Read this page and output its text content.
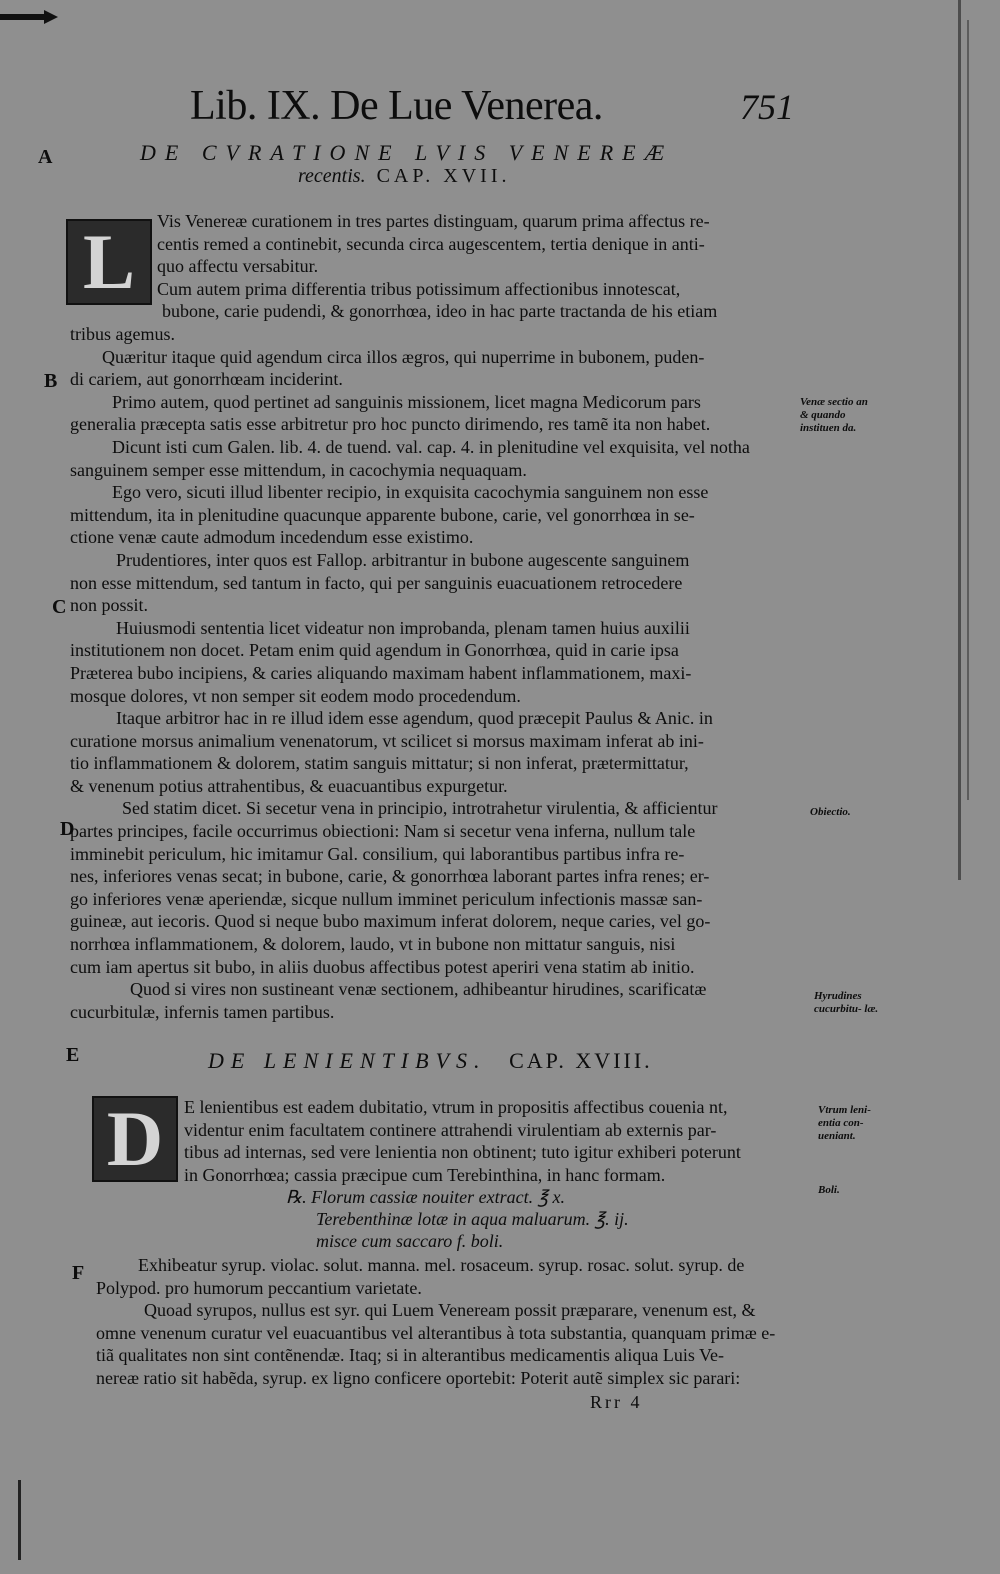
Lib. IX. De Lue Venerea.	751
A
B
C
D
E
F
DE CVRATIONE LVIS VENEREÆ
recentis. CAP. XVII.
L	Vis Venereæ curationem in tres partes distinguam, quarum prima affectus re-
centis remed a continebit, secunda circa augescentem, tertia denique in anti-
quo affectu versabitur.
Cum autem prima differentia tribus potissimum affectionibus innotescat,
bubone, carie pudendi, & gonorrhœa, ideo in hac parte tractanda de his etiam
tribus agemus.
Quæritur itaque quid agendum circa illos ægros, qui nuperrime in bubonem, puden-
di cariem, aut gonorrhœam inciderint.
Primo autem, quod pertinet ad sanguinis missionem, licet magna Medicorum pars
generalia præcepta satis esse arbitretur pro hoc puncto dirimendo, res tamẽ ita non habet.
Dicunt isti cum Galen. lib. 4. de tuend. val. cap. 4. in plenitudine vel exquisita, vel notha
sanguinem semper esse mittendum, in cacochymia nequaquam.
Ego vero, sicuti illud libenter recipio, in exquisita cacochymia sanguinem non esse
mittendum, ita in plenitudine quacunque apparente bubone, carie, vel gonorrhœa in se-
ctione venæ caute admodum incedendum esse existimo.
Prudentiores, inter quos est Fallop. arbitrantur in bubone augescente sanguinem
non esse mittendum, sed tantum in facto, qui per sanguinis euacuationem retrocedere
non possit.
Huiusmodi sententia licet videatur non improbanda, plenam tamen huius auxilii
institutionem non docet. Petam enim quid agendum in Gonorrhœa, quid in carie ipsa
Præterea bubo incipiens, & caries aliquando maximam habent inflammationem, maxi-
mosque dolores, vt non semper sit eodem modo procedendum.
Itaque arbitror hac in re illud idem esse agendum, quod præcepit Paulus & Anic. in
curatione morsus animalium venenatorum, vt scilicet si morsus maximam inferat ab ini-
tio inflammationem & dolorem, statim sanguis mittatur; si non inferat, prætermittatur,
& venenum potius attrahentibus, & euacuantibus expurgetur.
Sed statim dicet. Si secetur vena in principio, introtrahetur virulentia, & afficientur
partes principes, facile occurrimus obiectioni: Nam si secetur vena inferna, nullum tale
imminebit periculum, hic imitamur Gal. consilium, qui laborantibus partibus infra re-
nes, inferiores venas secat; in bubone, carie, & gonorrhœa laborant partes infra renes; er-
go inferiores venæ aperiendæ, sicque nullum imminet periculum infectionis massæ san-
guineæ, aut iecoris. Quod si neque bubo maximum inferat dolorem, neque caries, vel go-
norrhœa inflammationem, & dolorem, laudo, vt in bubone non mittatur sanguis, nisi
cum iam apertus sit bubo, in aliis duobus affectibus potest aperiri vena statim ab initio.
Quod si vires non sustineant venæ sectionem, adhibeantur hirudines, scarificatæ
cucurbitulæ, infernis tamen partibus.
Venæ sectio an & quando instituen da.
Obiectio.
Hyrudines cucurbitu- læ.
Vtrum leni- entia con- ueniant.
Boli.
DE LENIENTIBVS. CAP. XVIII.
D	E lenientibus est eadem dubitatio, vtrum in propositis affectibus couenia nt,
videntur enim facultatem continere attrahendi virulentiam ab externis par-
tibus ad internas, sed vere lenientia non obtinent; tuto igitur exhiberi poterunt
in Gonorrhœa; cassia præcipue cum Terebinthina, in hanc formam.
℞. Florum cassiæ nouiter extract. ℥ x.
Terebenthinæ lotæ in aqua maluarum. ℥. ij.
misce cum saccaro f. boli.
Exhibeatur syrup. violac. solut. manna. mel. rosaceum. syrup. rosac. solut. syrup. de
Polypod. pro humorum peccantium varietate.
Quoad syrupos, nullus est syr. qui Luem Veneream possit præparare, venenum est, &
omne venenum curatur vel euacuantibus vel alterantibus à tota substantia, quanquam primæ e-
tiã qualitates non sint contẽnendæ. Itaq; si in alterantibus medicamentis aliqua Luis Ve-
nereæ ratio sit habẽda, syrup. ex ligno conficere oportebit: Poterit autẽ simplex sic parari:
Rrr 4
